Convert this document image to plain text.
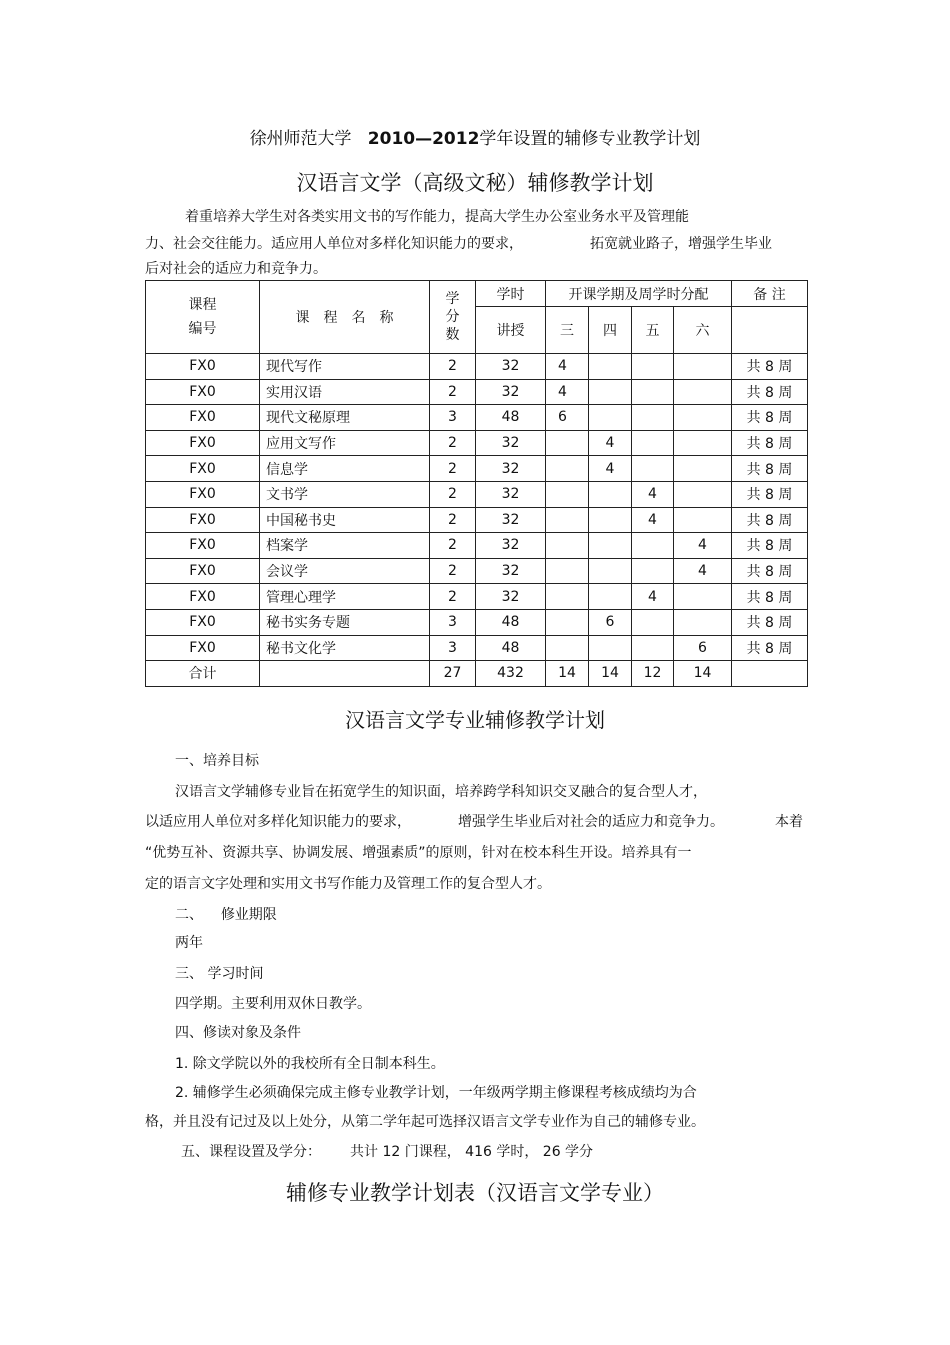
徐州师范大学 2010—2012学年设置的辅修专业教学计划
汉语言文学（高级文秘）辅修教学计划
着重培养大学生对各类实用文书的写作能力，提高大学生办公室业务水平及管理能
力、社会交往能力。适应用人单位对多样化知识能力的要求，	拓宽就业路子，增强学生毕业
后对社会的适应力和竞争力。
课程
编号	课　程　名　称	学
分
数	学时	开课学期及周学时分配				备 注
			讲授	三	四	五	六	
FX0	现代写作	2	32	4				共 8 周
FX0	实用汉语	2	32	4				共 8 周
FX0	现代文秘原理	3	48	6				共 8 周
FX0	应用文写作	2	32		4			共 8 周
FX0	信息学	2	32		4			共 8 周
FX0	文书学	2	32			4		共 8 周
FX0	中国秘书史	2	32			4		共 8 周
FX0	档案学	2	32				4	共 8 周
FX0	会议学	2	32				4	共 8 周
FX0	管理心理学	2	32			4		共 8 周
FX0	秘书实务专题	3	48		6			共 8 周
FX0	秘书文化学	3	48				6	共 8 周
合计		27	432	14	14	12	14	
汉语言文学专业辅修教学计划
一、培养目标
汉语言文学辅修专业旨在拓宽学生的知识面，培养跨学科知识交叉融合的复合型人才，
以适应用人单位对多样化知识能力的要求，	增强学生毕业后对社会的适应力和竞争力。	本着
“优势互补、资源共享、协调发展、增强素质”的原则，针对在校本科生开设。培养具有一
定的语言文字处理和实用文书写作能力及管理工作的复合型人才。
二、 修业期限
两年
三、 学习时间
四学期。主要利用双休日教学。
四、修读对象及条件
1. 除文学院以外的我校所有全日制本科生。
2. 辅修学生必须确保完成主修专业教学计划，一年级两学期主修课程考核成绩均为合
格，并且没有记过及以上处分，从第二学年起可选择汉语言文学专业作为自己的辅修专业。
五、课程设置及学分： 共计 12 门课程， 416 学时， 26 学分
辅修专业教学计划表（汉语言文学专业）
